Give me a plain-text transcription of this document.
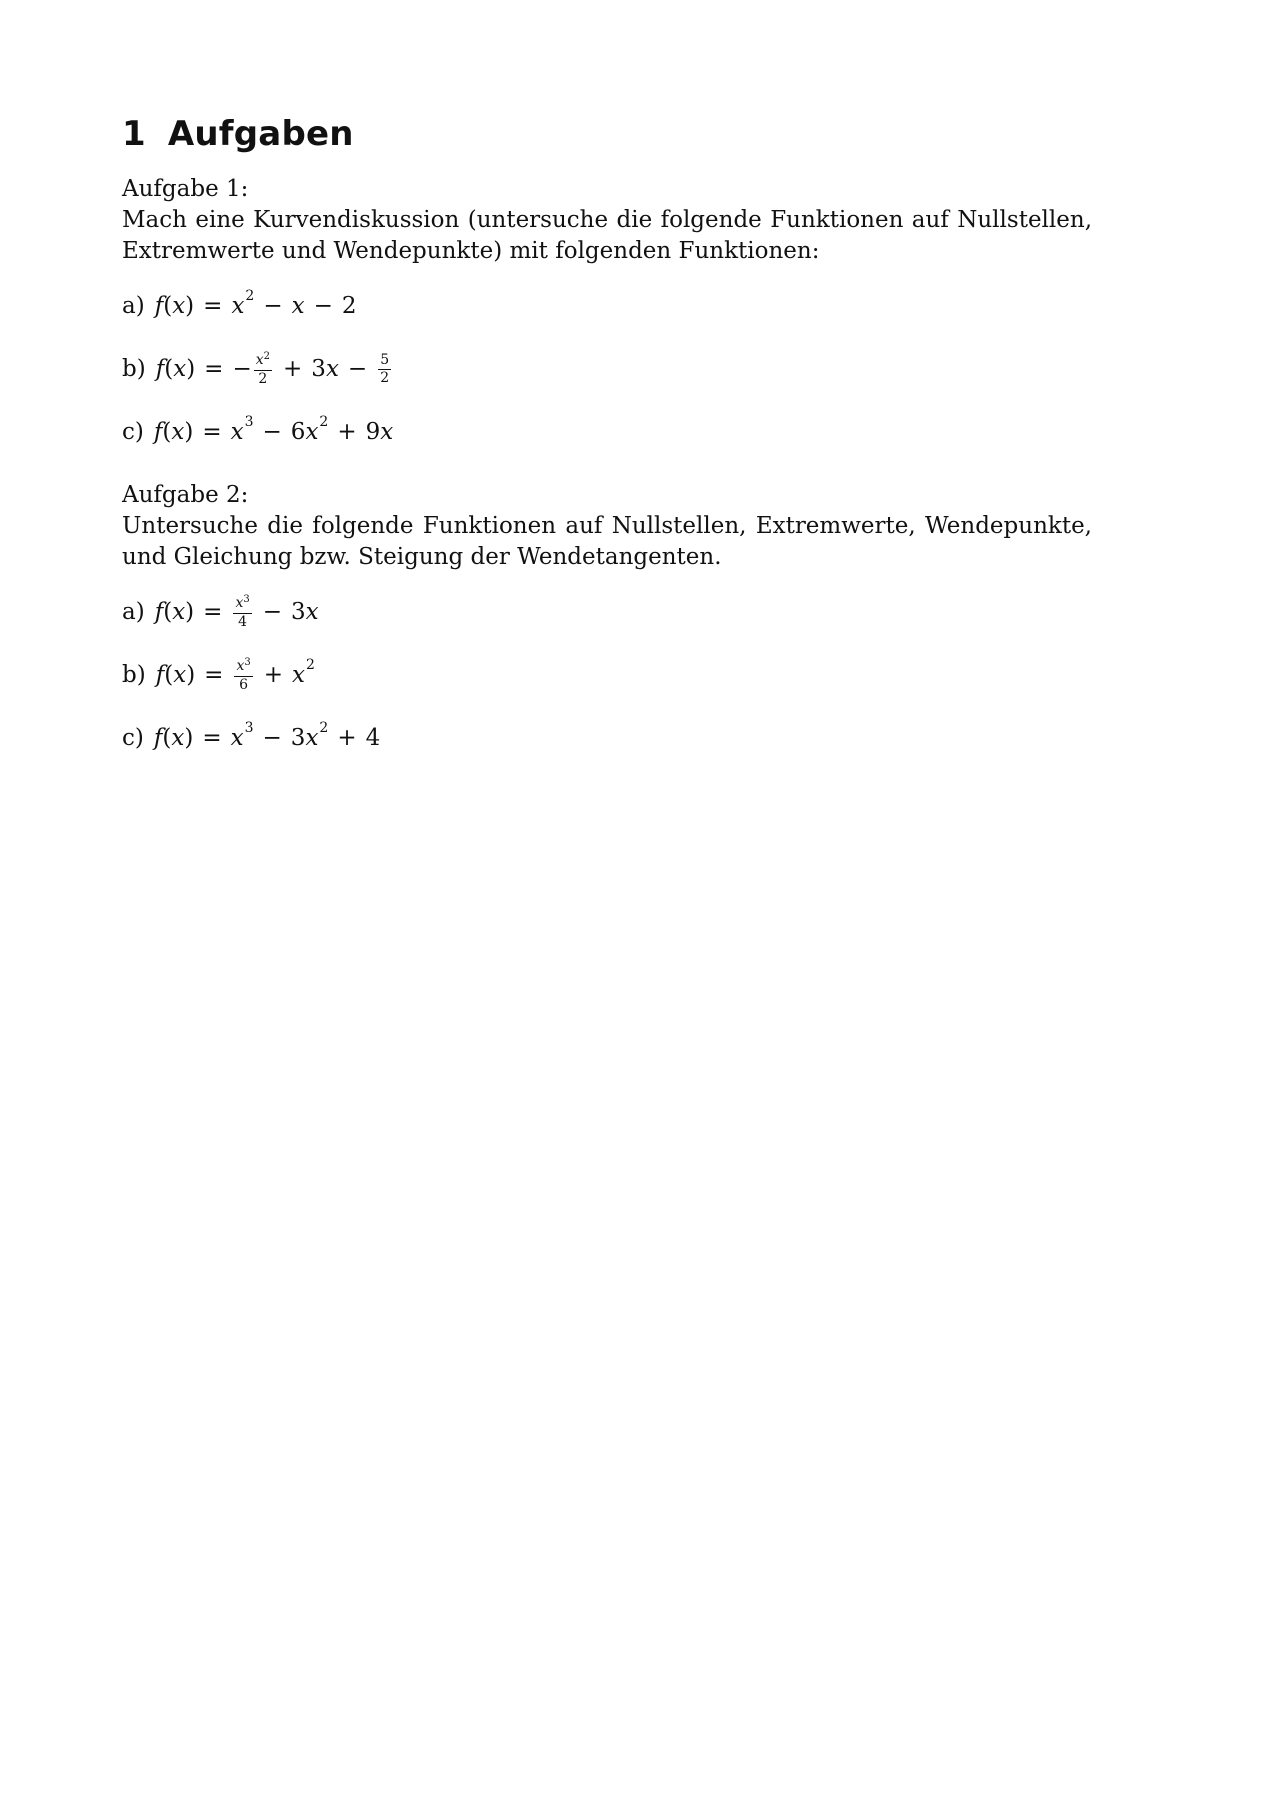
1 Aufgaben
Aufgabe 1:
Mach eine Kurvendiskussion (untersuche die folgende Funktionen auf Nullstellen, Extremwerte und Wendepunkte) mit folgenden Funktionen:
a) f ( x ) = x 2 − x − 2
b) f ( x ) = − $\frac{x^2}{2} + 3$ $x - \frac{5}{2}$
c) f ( x ) = x 3 − 6 x 2 + 9 x
Aufgabe 2:
Untersuche die folgende Funktionen auf Nullstellen, Extremwerte, Wendepunkte, und Gleichung bzw. Steigung der Wendetangenten.
a) f ( x ) = $\frac{x^3}{4} - 3$ x
b) f ( x ) = $\frac{x^3}{6} + x$ 2
c) f ( x ) = x 3 − 3 x 2 + 4
